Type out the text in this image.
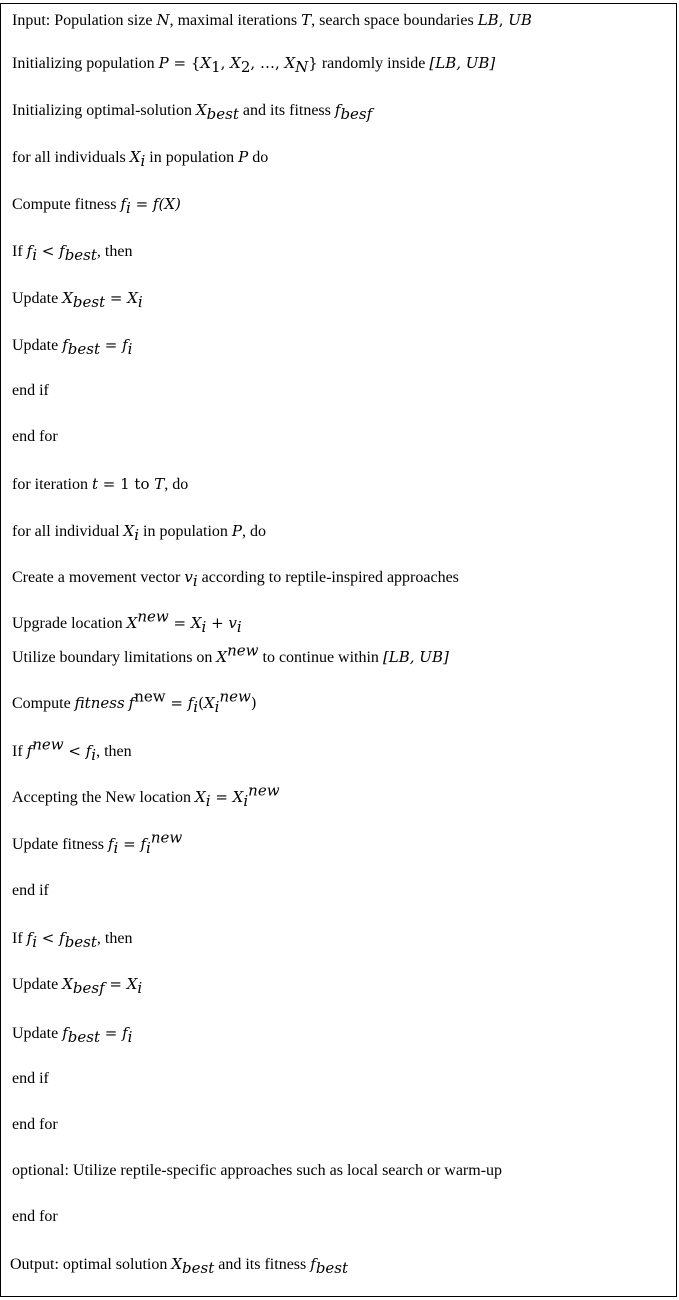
Input: Population size N, maximal iterations T, search space boundaries LB, UB
Initializing population $P = \{X_1$, $X_2$, …, $X_N$} randomly inside [LB, UB]
Initializing optimal-solution $X_{best}$ and its fitness $f_{besf}$
for all individuals $X_i$ in population P do
Compute fitness $f_i = f(X)$
If $f_i < f_{best}$, then
Update $X_{best} = X_i$
Update $f_{best} = f_i$
end if
end for
for iteration t = 1 to T, do
for all individual $X_i$ in population P, do
Create a movement vector $v_i$ according to reptile-inspired approaches
Upgrade location $X^{new} = X_i + v_i$
Utilize boundary limitations on $X^{new}$ to continue within [LB, UB]
Compute fitness $f^{new} = f_i(X_i^{new})$
If $f^{new} < f_i$, then
Accepting the New location $X_i = X_i^{new}$
Update fitness $f_i = f_i^{new}$
end if
If $f_i < f_{best}$, then
Update $X_{besf} = X_i$
Update $f_{best} = f_i$
end if
end for
optional: Utilize reptile-specific approaches such as local search or warm-up
end for
Output: optimal solution $X_{best}$ and its fitness $f_{best}$
